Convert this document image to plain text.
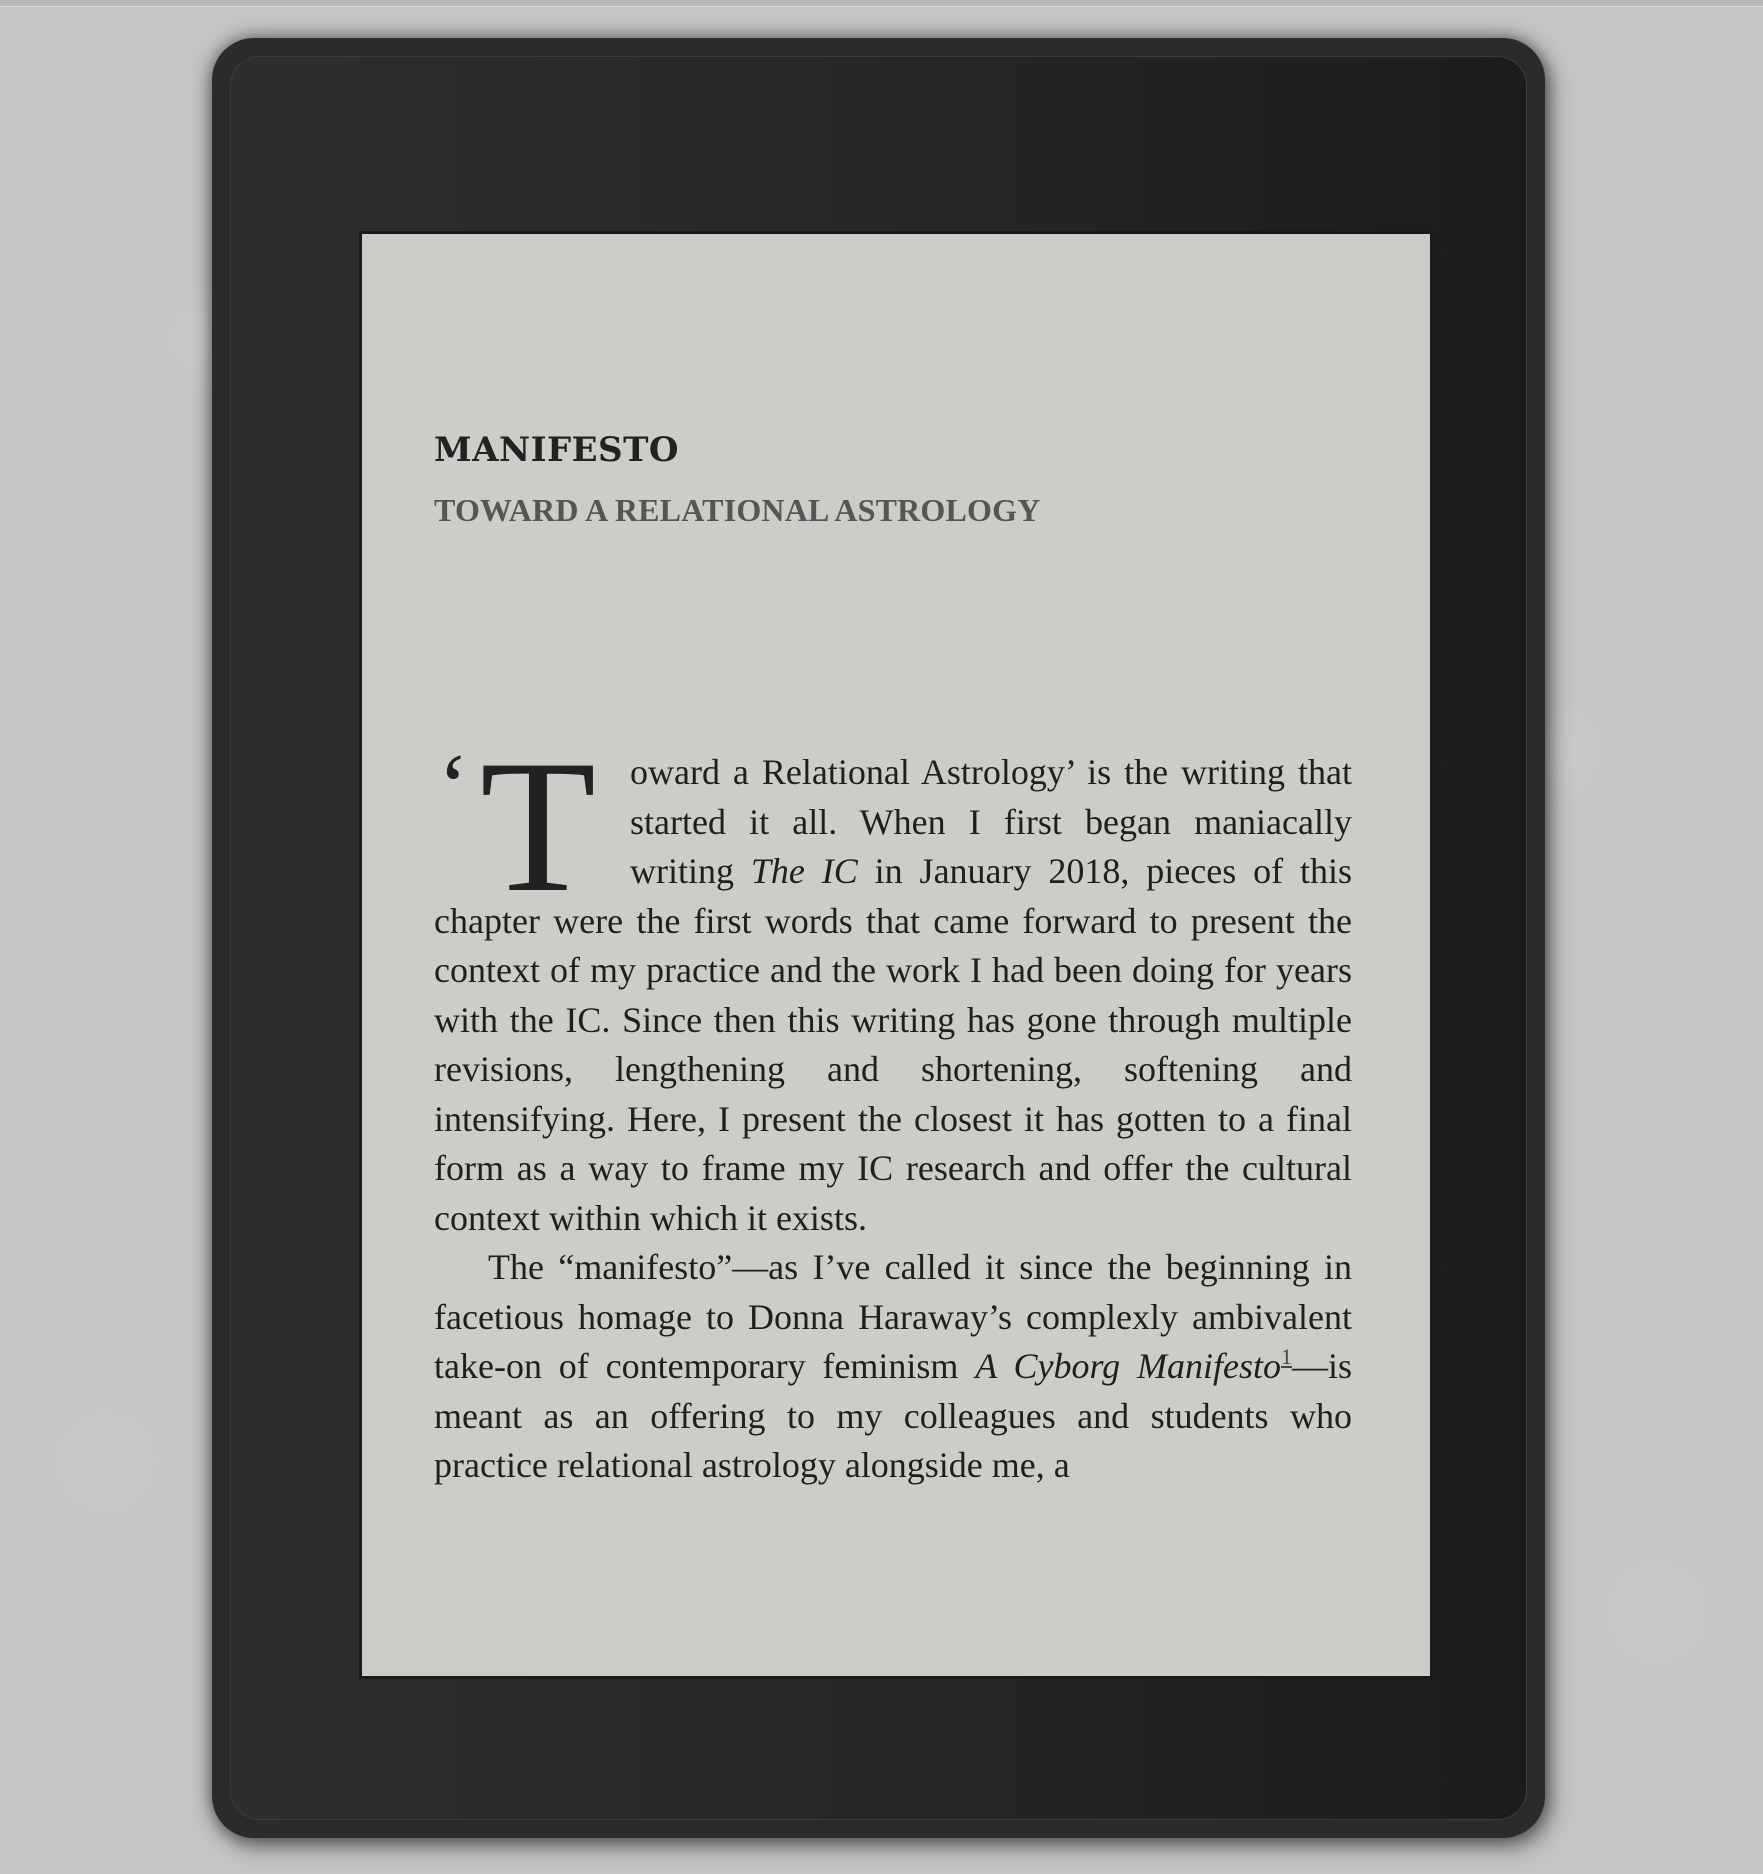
MANIFESTO
TOWARD A RELATIONAL ASTROLOGY

‘ T oward a Relational Astrology’ is the writing that started it all. When I first began maniacally writing The IC in January 2018, pieces of this chapter were the first words that came forward to present the context of my practice and the work I had been doing for years with the IC. Since then this writing has gone through multiple revisions, lengthening and shortening, softening and intensifying. Here, I present the closest it has gotten to a final form as a way to frame my IC research and offer the cultural context within which it exists.

The “manifesto”—as I’ve called it since the beginning in facetious homage to Donna Haraway’s complexly ambivalent take-on of contemporary feminism A Cyborg Manifesto$^1$—is meant as an offering to my colleagues and students who practice relational astrology alongside me, a
